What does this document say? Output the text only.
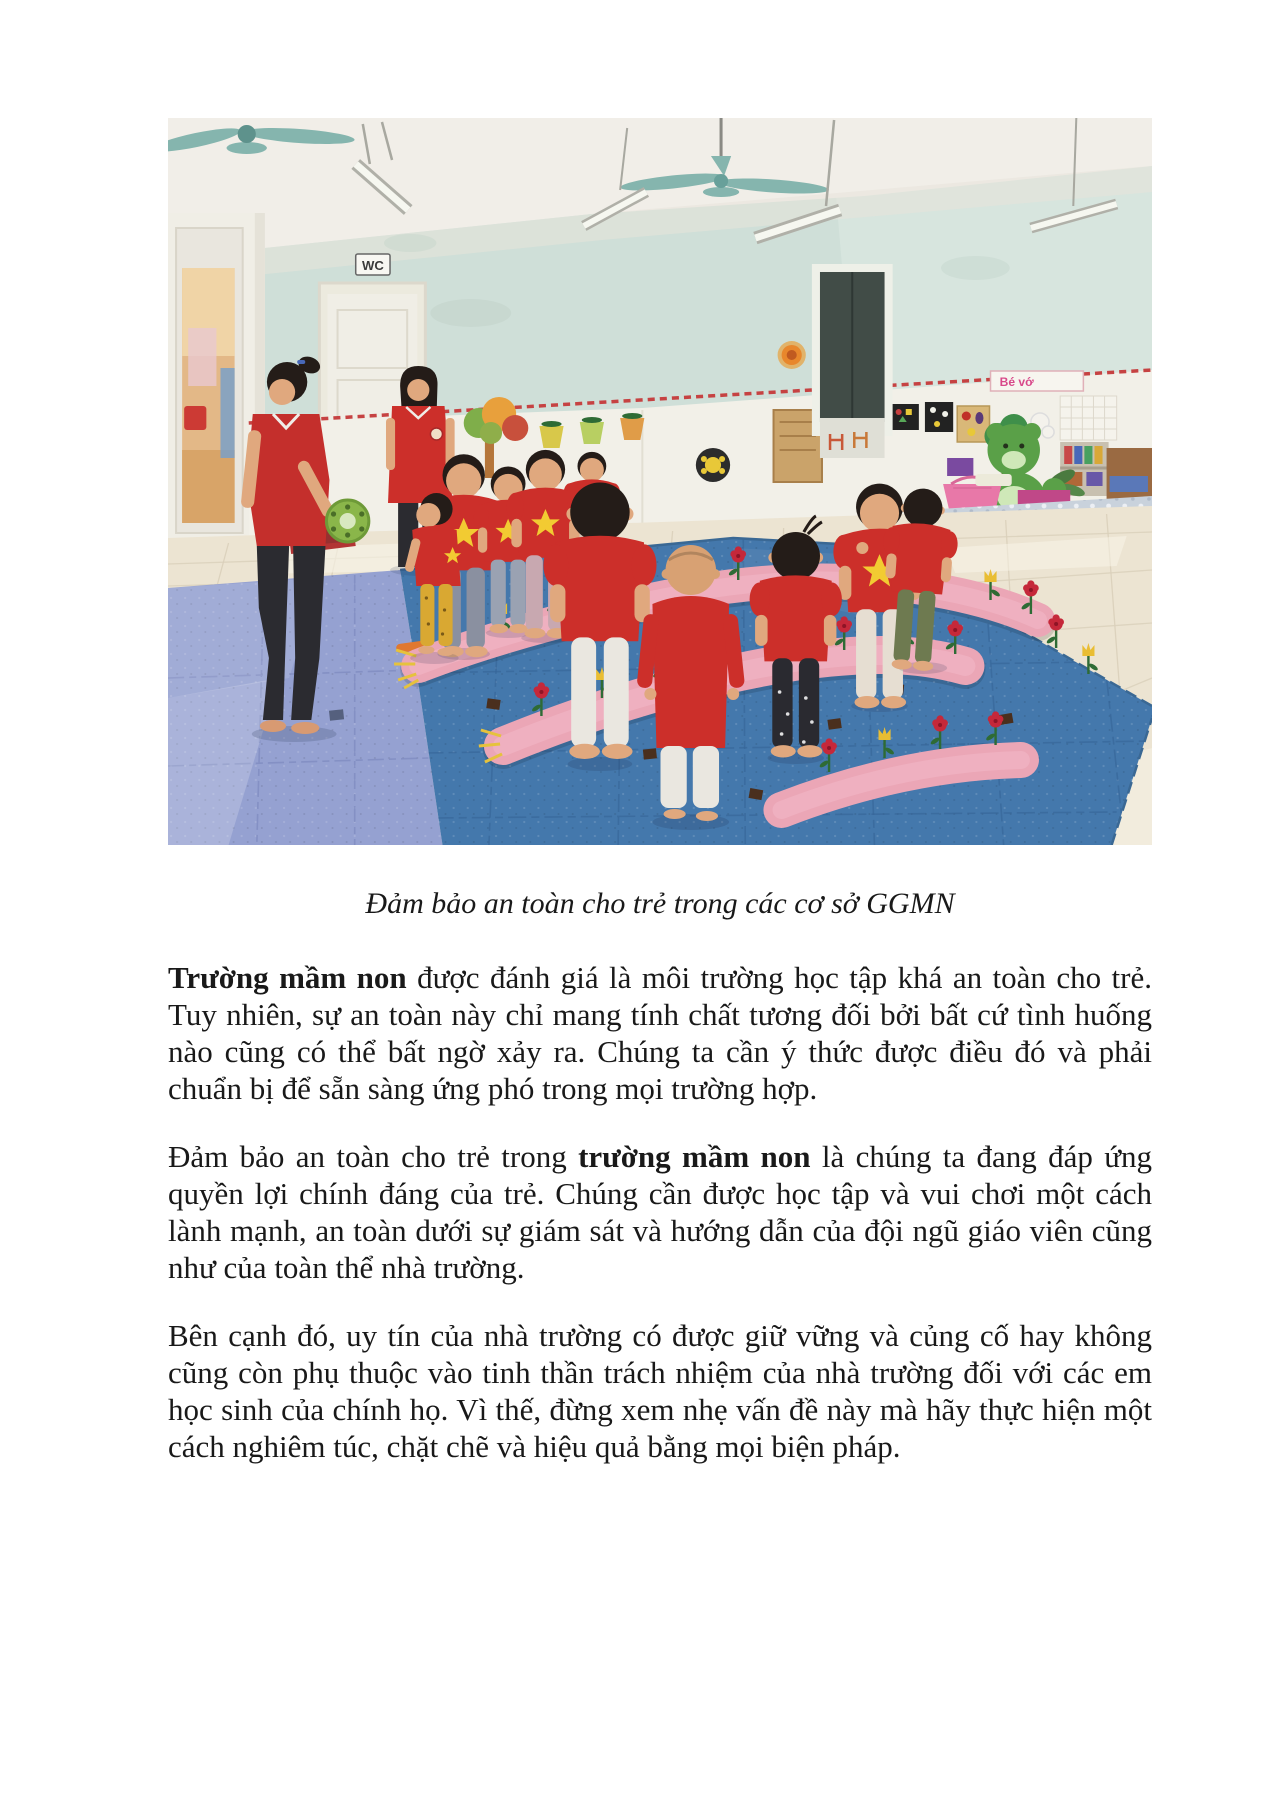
WC
Bé vớ
Đảm bảo an toàn cho trẻ trong các cơ sở GGMN

Trường mầm non được đánh giá là môi trường học tập khá an toàn cho trẻ. Tuy nhiên, sự an toàn này chỉ mang tính chất tương đối bởi bất cứ tình huống nào cũng có thể bất ngờ xảy ra. Chúng ta cần ý thức được điều đó và phải chuẩn bị để sẵn sàng ứng phó trong mọi trường hợp.

Đảm bảo an toàn cho trẻ trong trường mầm non là chúng ta đang đáp ứng quyền lợi chính đáng của trẻ. Chúng cần được học tập và vui chơi một cách lành mạnh, an toàn dưới sự giám sát và hướng dẫn của đội ngũ giáo viên cũng như của toàn thể nhà trường.

Bên cạnh đó, uy tín của nhà trường có được giữ vững và củng cố hay không cũng còn phụ thuộc vào tinh thần trách nhiệm của nhà trường đối với các em học sinh của chính họ. Vì thế, đừng xem nhẹ vấn đề này mà hãy thực hiện một cách nghiêm túc, chặt chẽ và hiệu quả bằng mọi biện pháp.
